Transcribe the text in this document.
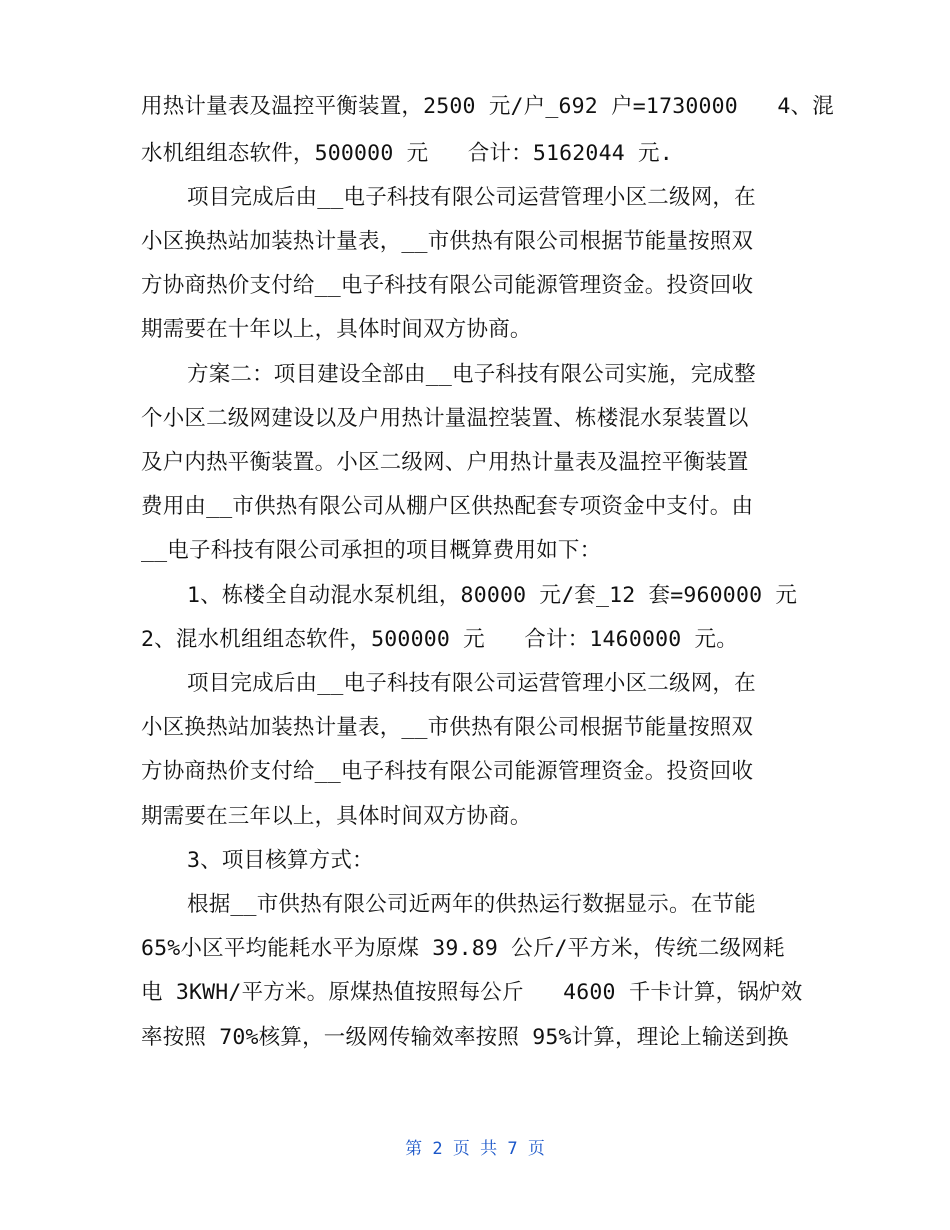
用热计量表及温控平衡装置，2500 元/户_692 户=1730000   4、混
水机组组态软件，500000 元   合计：5162044 元.
项目完成后由__电子科技有限公司运营管理小区二级网，在
小区换热站加装热计量表，__市供热有限公司根据节能量按照双
方协商热价支付给__电子科技有限公司能源管理资金。投资回收
期需要在十年以上，具体时间双方协商。
方案二：项目建设全部由__电子科技有限公司实施，完成整
个小区二级网建设以及户用热计量温控装置、栋楼混水泵装置以
及户内热平衡装置。小区二级网、户用热计量表及温控平衡装置
费用由__市供热有限公司从棚户区供热配套专项资金中支付。由
__电子科技有限公司承担的项目概算费用如下：
1、栋楼全自动混水泵机组，80000 元/套_12 套=960000 元
2、混水机组组态软件，500000 元   合计：1460000 元。
项目完成后由__电子科技有限公司运营管理小区二级网，在
小区换热站加装热计量表，__市供热有限公司根据节能量按照双
方协商热价支付给__电子科技有限公司能源管理资金。投资回收
期需要在三年以上，具体时间双方协商。
3、项目核算方式：
根据__市供热有限公司近两年的供热运行数据显示。在节能
65%小区平均能耗水平为原煤 39.89 公斤/平方米，传统二级网耗
电 3KWH/平方米。原煤热值按照每公斤   4600 千卡计算，锅炉效
率按照 70%核算，一级网传输效率按照 95%计算，理论上输送到换
第 2 页 共 7 页
